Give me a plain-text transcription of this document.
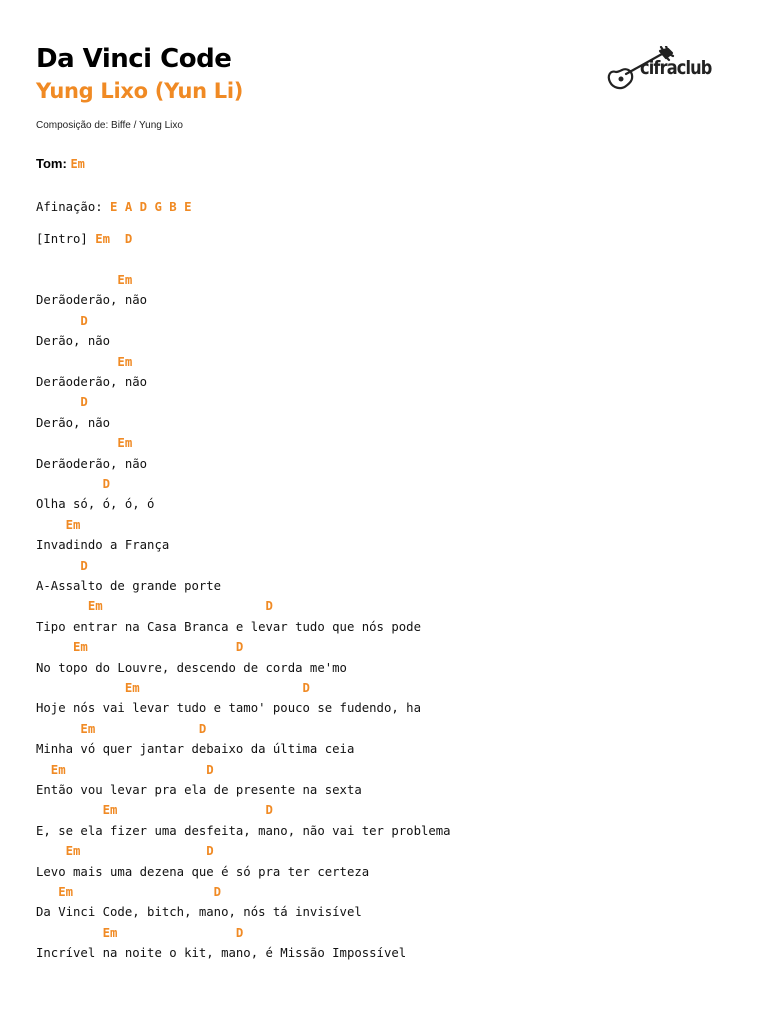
Da Vinci Code
Yung Lixo (Yun Li)
Composição de: Biffe / Yung Lixo
cifraclub
Tom: Em
Afinação: E A D G B E
[Intro] Em  D
Em
Derãoderão, não
D
Derão, não
Em
Derãoderão, não
D
Derão, não
Em
Derãoderão, não
D
Olha só, ó, ó, ó
Em
Invadindo a França
D
A-Assalto de grande porte
Em                      D
Tipo entrar na Casa Branca e levar tudo que nós pode
Em                    D
No topo do Louvre, descendo de corda me'mo
Em                      D
Hoje nós vai levar tudo e tamo' pouco se fudendo, ha
Em              D
Minha vó quer jantar debaixo da última ceia
Em                   D
Então vou levar pra ela de presente na sexta
Em                    D
E, se ela fizer uma desfeita, mano, não vai ter problema
Em                 D
Levo mais uma dezena que é só pra ter certeza
Em                   D
Da Vinci Code, bitch, mano, nós tá invisível
Em                D
Incrível na noite o kit, mano, é Missão Impossível
